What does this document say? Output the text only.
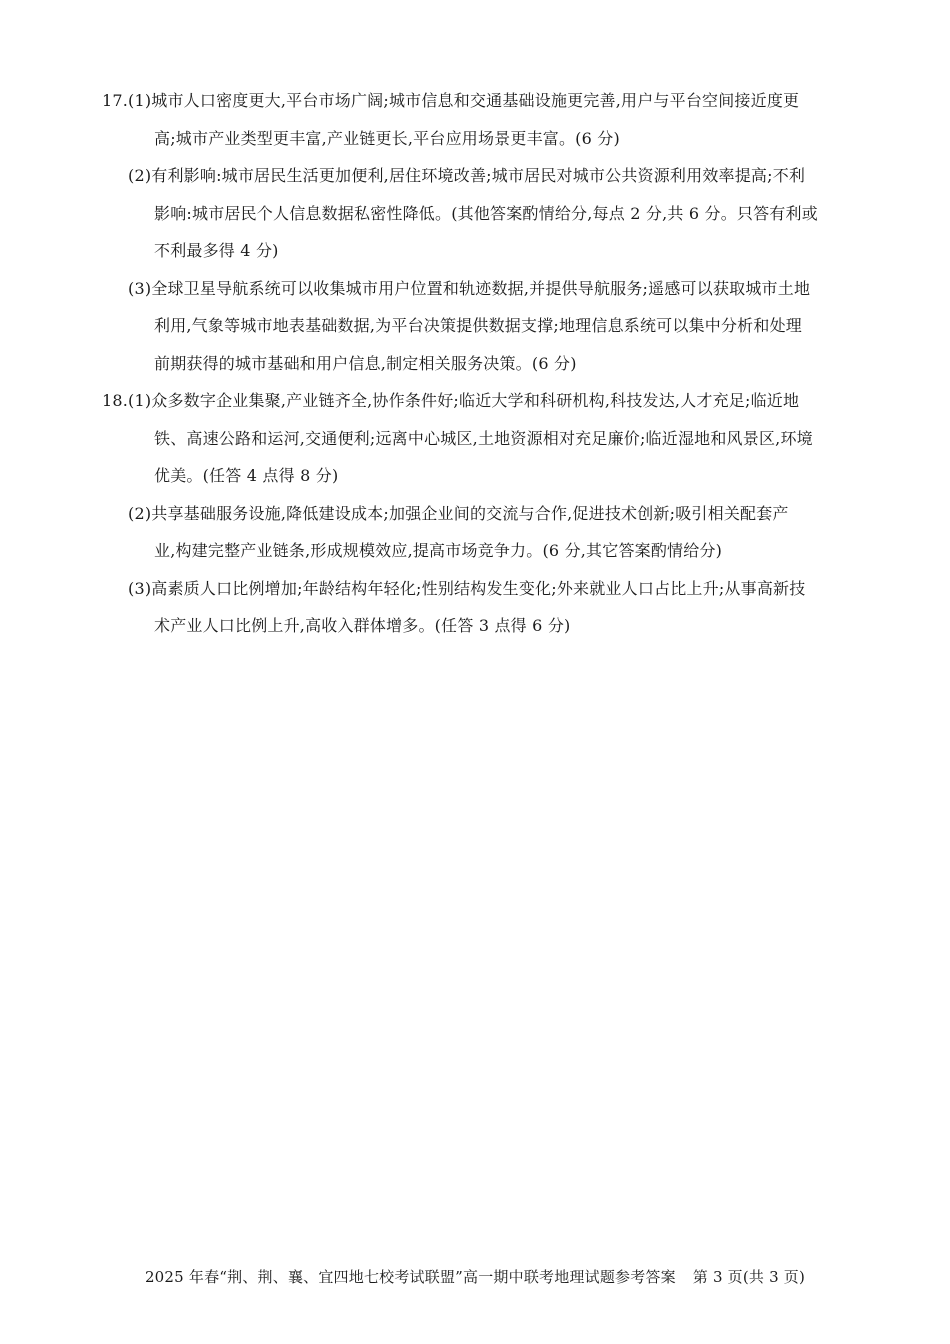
17. (1)城市人口密度更大,平台市场广阔;城市信息和交通基础设施更完善,用户与平台空间接近度更
高;城市产业类型更丰富,产业链更长,平台应用场景更丰富。(6 分)
(2)有利影响:城市居民生活更加便利,居住环境改善;城市居民对城市公共资源利用效率提高;不利
影响:城市居民个人信息数据私密性降低。(其他答案酌情给分,每点 2 分,共 6 分。只答有利或
不利最多得 4 分)
(3)全球卫星导航系统可以收集城市用户位置和轨迹数据,并提供导航服务;遥感可以获取城市土地
利用,气象等城市地表基础数据,为平台决策提供数据支撑;地理信息系统可以集中分析和处理
前期获得的城市基础和用户信息,制定相关服务决策。(6 分)
18. (1)众多数字企业集聚,产业链齐全,协作条件好;临近大学和科研机构,科技发达,人才充足;临近地
铁、高速公路和运河,交通便利;远离中心城区,土地资源相对充足廉价;临近湿地和风景区,环境
优美。(任答 4 点得 8 分)
(2)共享基础服务设施,降低建设成本;加强企业间的交流与合作,促进技术创新;吸引相关配套产
业,构建完整产业链条,形成规模效应,提高市场竞争力。(6 分,其它答案酌情给分)
(3)高素质人口比例增加;年龄结构年轻化;性别结构发生变化;外来就业人口占比上升;从事高新技
术产业人口比例上升,高收入群体增多。(任答 3 点得 6 分)
2025 年春“荆、荆、襄、宜四地七校考试联盟”高一期中联考地理试题参考答案 第 3 页(共 3 页)
